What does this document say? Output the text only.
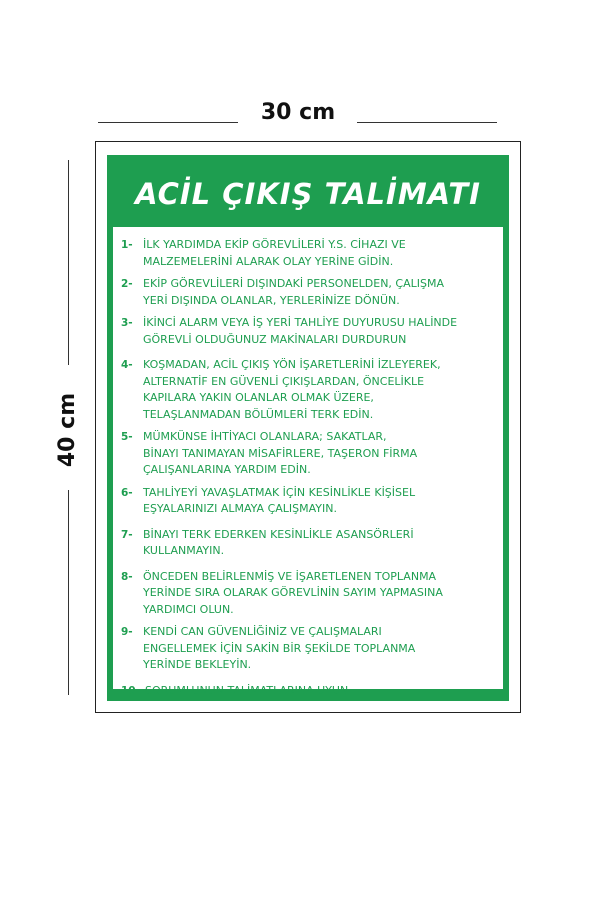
30 cm
40 cm
ACİL ÇIKIŞ TALİMATI
1- İLK YARDIMDA EKİP GÖREVLİLERİ Y.S. CİHAZI VE
MALZEMELERİNİ ALARAK OLAY YERİNE GİDİN.
2- EKİP GÖREVLİLERİ DIŞINDAKİ PERSONELDEN, ÇALIŞMA
YERİ DIŞINDA OLANLAR, YERLERİNİZE DÖNÜN.
3- İKİNCİ ALARM VEYA İŞ YERİ TAHLİYE DUYURUSU HALİNDE
GÖREVLİ OLDUĞUNUZ MAKİNALARI DURDURUN
4- KOŞMADAN, ACİL ÇIKIŞ YÖN İŞARETLERİNİ İZLEYEREK,
ALTERNATİF EN GÜVENLİ ÇIKIŞLARDAN, ÖNCELİKLE
KAPILARA YAKIN OLANLAR OLMAK ÜZERE,
TELAŞLANMADAN BÖLÜMLERİ TERK EDİN.
5- MÜMKÜNSE İHTİYACI OLANLARA; SAKATLAR,
BİNAYI TANIMAYAN MİSAFİRLERE, TAŞERON FİRMA
ÇALIŞANLARINA YARDIM EDİN.
6- TAHLİYEYİ YAVAŞLATMAK İÇİN KESİNLİKLE KİŞİSEL
EŞYALARINIZI ALMAYA ÇALIŞMAYIN.
7- BİNAYI TERK EDERKEN KESİNLİKLE ASANSÖRLERİ
KULLANMAYIN.
8- ÖNCEDEN BELİRLENMİŞ VE İŞARETLENEN TOPLANMA
YERİNDE SIRA OLARAK GÖREVLİNİN SAYIM YAPMASINA
YARDIMCI OLUN.
9- KENDİ CAN GÜVENLİĞİNİZ VE ÇALIŞMALARI
ENGELLEMEK İÇİN SAKİN BİR ŞEKİLDE TOPLANMA
YERİNDE BEKLEYİN.
10- SORUMLUNUN TALİMATLARINA UYUN.
